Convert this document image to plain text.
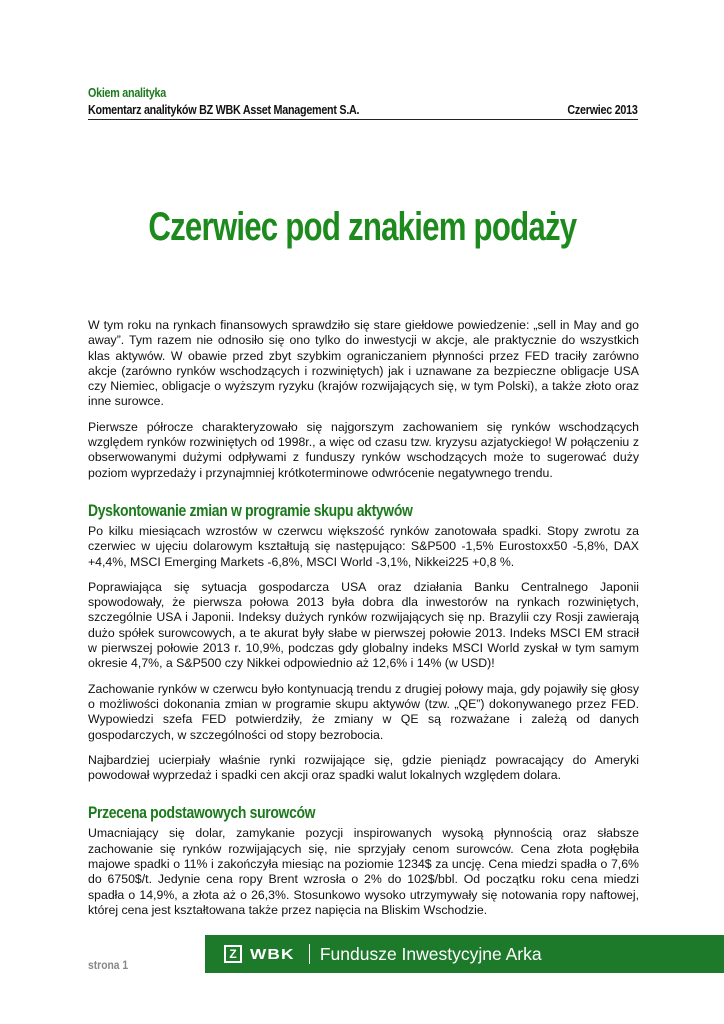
Okiem analityka
Komentarz analityków BZ WBK Asset Management S.A.	Czerwiec 2013
Czerwiec pod znakiem podaży

W tym roku na rynkach finansowych sprawdziło się stare giełdowe powiedzenie: „sell in May and go away”. Tym razem nie odnosiło się ono tylko do inwestycji w akcje, ale praktycznie do wszystkich klas aktywów. W obawie przed zbyt szybkim ograniczaniem płynności przez FED traciły zarówno akcje (zarówno rynków wschodzących i rozwiniętych) jak i uznawane za bezpieczne obligacje USA czy Niemiec, obligacje o wyższym ryzyku (krajów rozwijających się, w tym Polski), a także złoto oraz inne surowce.

Pierwsze półrocze charakteryzowało się najgorszym zachowaniem się rynków wschodzących względem rynków rozwiniętych od 1998r., a więc od czasu tzw. kryzysu azjatyckiego! W połączeniu z obserwowanymi dużymi odpływami z funduszy rynków wschodzących może to sugerować duży poziom wyprzedaży i przynajmniej krótkoterminowe odwrócenie negatywnego trendu.

Dyskontowanie zmian w programie skupu aktywów

Po kilku miesiącach wzrostów w czerwcu większość rynków zanotowała spadki. Stopy zwrotu za czerwiec w ujęciu dolarowym kształtują się następująco: S&P500 -1,5% Eurostoxx50 -5,8%, DAX +4,4%, MSCI Emerging Markets -6,8%, MSCI World -3,1%, Nikkei225 +0,8 %.

Poprawiająca się sytuacja gospodarcza USA oraz działania Banku Centralnego Japonii spowodowały, że pierwsza połowa 2013 była dobra dla inwestorów na rynkach rozwiniętych, szczególnie USA i Japonii. Indeksy dużych rynków rozwijających się np. Brazylii czy Rosji zawierają dużo spółek surowcowych, a te akurat były słabe w pierwszej połowie 2013. Indeks MSCI EM stracił w pierwszej połowie 2013 r. 10,9%, podczas gdy globalny indeks MSCI World zyskał w tym samym okresie 4,7%, a S&P500 czy Nikkei odpowiednio aż 12,6% i 14% (w USD)!

Zachowanie rynków w czerwcu było kontynuacją trendu z drugiej połowy maja, gdy pojawiły się głosy o możliwości dokonania zmian w programie skupu aktywów (tzw. „QE”) dokonywanego przez FED. Wypowiedzi szefa FED potwierdziły, że zmiany w QE są rozważane i zależą od danych gospodarczych, w szczególności od stopy bezrobocia.

Najbardziej ucierpiały właśnie rynki rozwijające się, gdzie pieniądz powracający do Ameryki powodował wyprzedaż i spadki cen akcji oraz spadki walut lokalnych względem dolara.

Przecena podstawowych surowców

Umacniający się dolar, zamykanie pozycji inspirowanych wysoką płynnością oraz słabsze zachowanie się rynków rozwijających się, nie sprzyjały cenom surowców. Cena złota pogłębiła majowe spadki o 11% i zakończyła miesiąc na poziomie 1234$ za uncję. Cena miedzi spadła o 7,6% do 6750$/t. Jedynie cena ropy Brent wzrosła o 2% do 102$/bbl. Od początku roku cena miedzi spadła o 14,9%, a złota aż o 26,3%. Stosunkowo wysoko utrzymywały się notowania ropy naftowej, której cena jest kształtowana także przez napięcia na Bliskim Wschodzie.

strona 1
Z WBK Fundusze Inwestycyjne Arka
